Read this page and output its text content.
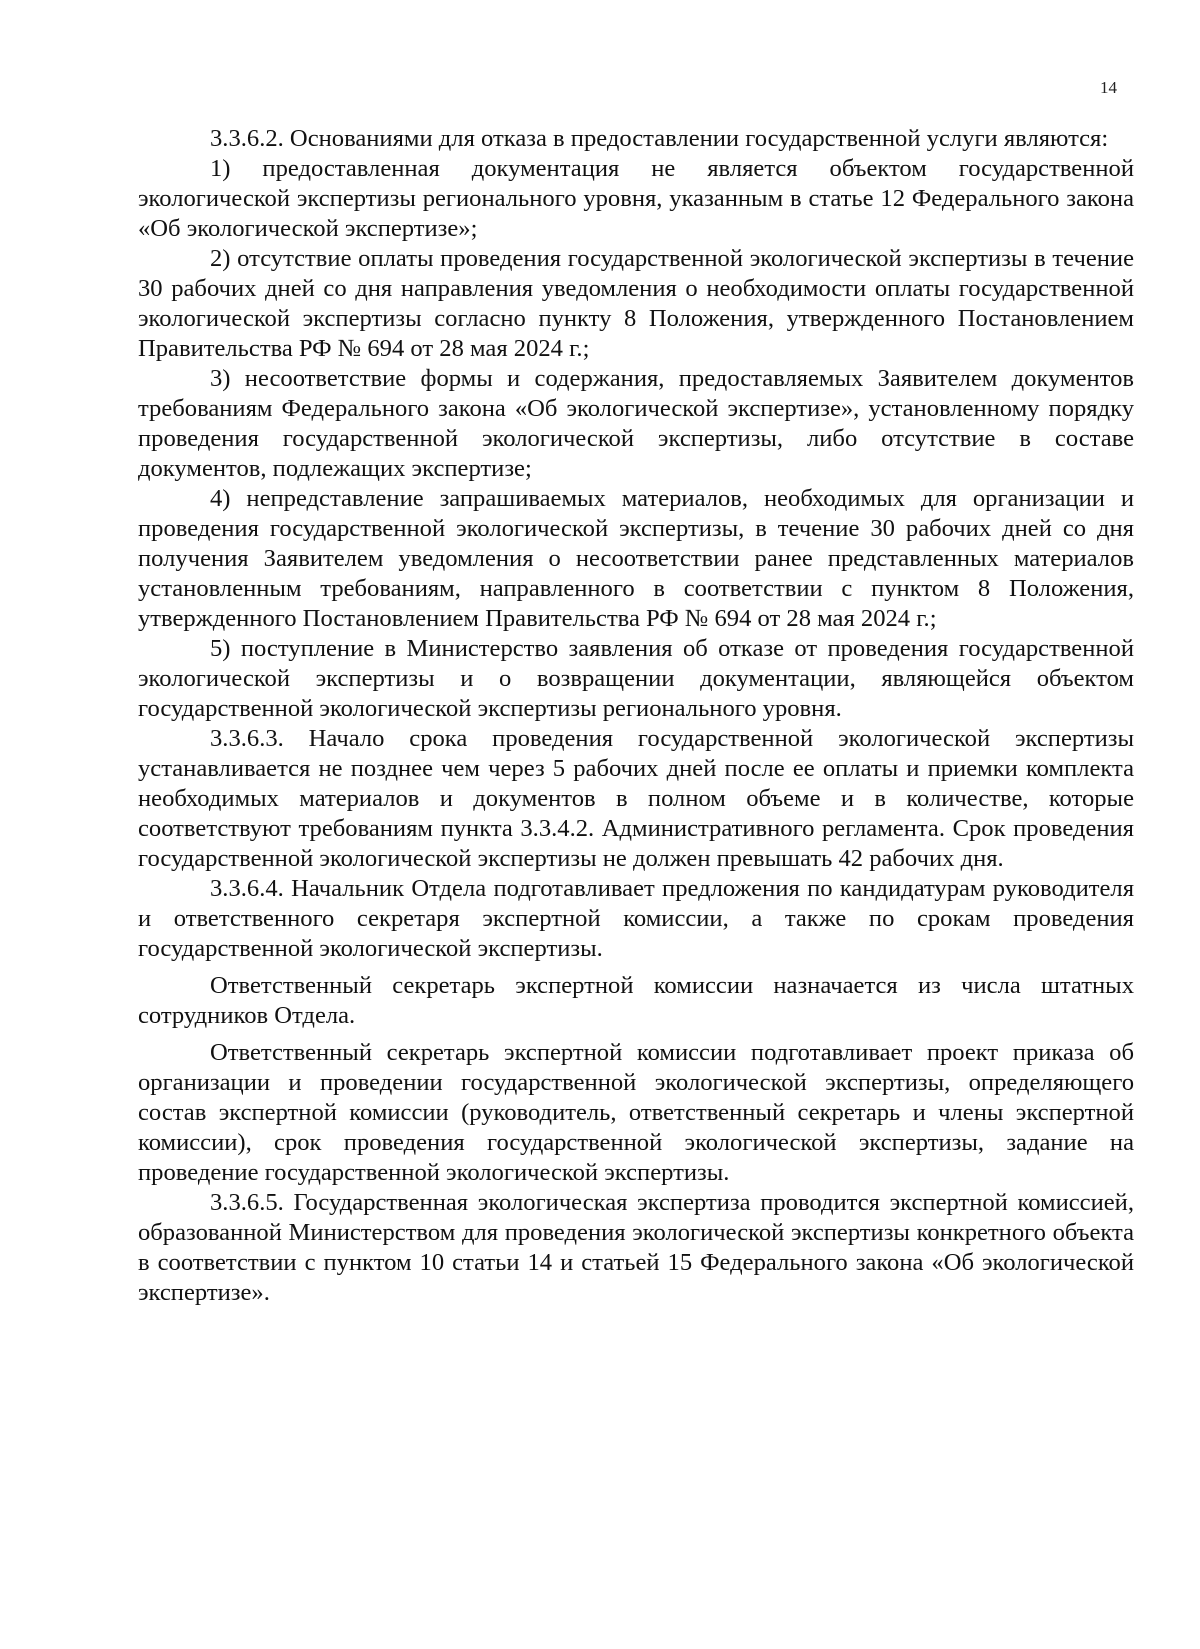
14

3.3.6.2. Основаниями для отказа в предоставлении государственной услуги являются:

1) предоставленная документация не является объектом государственной экологической экспертизы регионального уровня, указанным в статье 12 Федерального закона «Об экологической экспертизе»;

2) отсутствие оплаты проведения государственной экологической экспертизы в течение 30 рабочих дней со дня направления уведомления о необходимости оплаты государственной экологической экспертизы согласно пункту 8 Положения, утвержденного Постановлением Правительства РФ № 694 от 28 мая 2024 г.;

3) несоответствие формы и содержания, предоставляемых Заявителем документов требованиям Федерального закона «Об экологической экспертизе», установленному порядку проведения государственной экологической экспертизы, либо отсутствие в составе документов, подлежащих экспертизе;

4) непредставление запрашиваемых материалов, необходимых для организации и проведения государственной экологической экспертизы, в течение 30 рабочих дней со дня получения Заявителем уведомления о несоответствии ранее представленных материалов установленным требованиям, направленного в соответствии с пунктом 8 Положения, утвержденного Постановлением Правительства РФ № 694 от 28 мая 2024 г.;

5) поступление в Министерство заявления об отказе от проведения государственной экологической экспертизы и о возвращении документации, являющейся объектом государственной экологической экспертизы регионального уровня.

3.3.6.3. Начало срока проведения государственной экологической экспертизы устанавливается не позднее чем через 5 рабочих дней после ее оплаты и приемки комплекта необходимых материалов и документов в полном объеме и в количестве, которые соответствуют требованиям пункта 3.3.4.2. Административного регламента. Срок проведения государственной экологической экспертизы не должен превышать 42 рабочих дня.

3.3.6.4. Начальник Отдела подготавливает предложения по кандидатурам руководителя и ответственного секретаря экспертной комиссии, а также по срокам проведения государственной экологической экспертизы.

Ответственный секретарь экспертной комиссии назначается из числа штатных сотрудников Отдела.

Ответственный секретарь экспертной комиссии подготавливает проект приказа об организации и проведении государственной экологической экспертизы, определяющего состав экспертной комиссии (руководитель, ответственный секретарь и члены экспертной комиссии), срок проведения государственной экологической экспертизы, задание на проведение государственной экологической экспертизы.

3.3.6.5. Государственная экологическая экспертиза проводится экспертной комиссией, образованной Министерством для проведения экологической экспертизы конкретного объекта в соответствии с пунктом 10 статьи 14 и статьей 15 Федерального закона «Об экологической экспертизе».
